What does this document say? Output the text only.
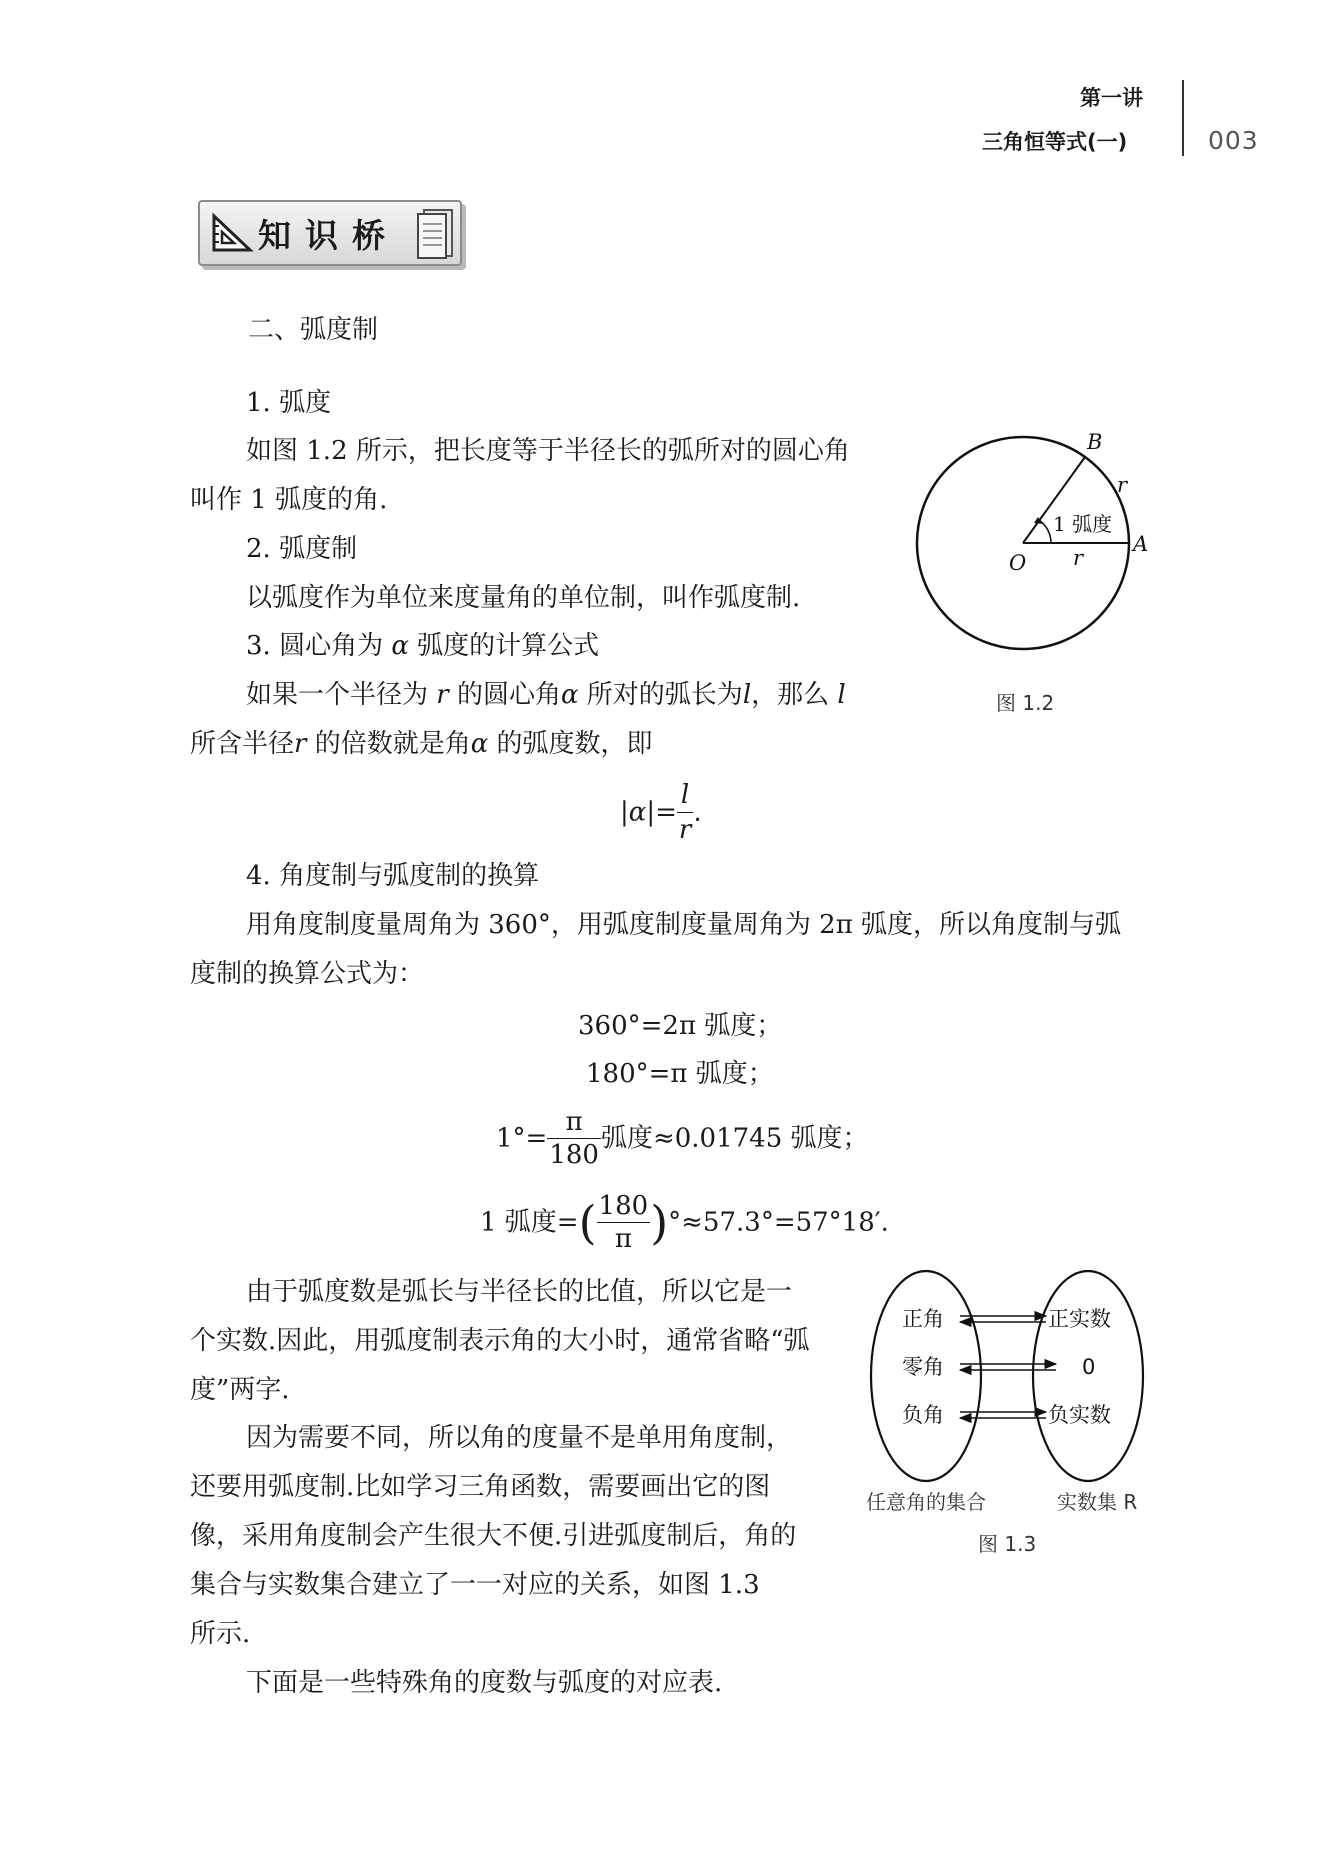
第一讲
三角恒等式(一)	003
知识桥
二、弧度制
1. 弧度
如图 1.2 所示，把长度等于半径长的弧所对的圆心角
叫作 1 弧度的角.
2. 弧度制
以弧度作为单位来度量角的单位制，叫作弧度制.
3. 圆心角为 α 弧度的计算公式
如果一个半径为 r 的圆心角α 所对的弧长为l，那么 l
所含半径r 的倍数就是角α 的弧度数，即
$|\alpha|= \frac{l}{r}$ .
4. 角度制与弧度制的换算
用角度制度量周角为 360°，用弧度制度量周角为 2π 弧度，所以角度制与弧
度制的换算公式为：
360°=2π 弧度；
180°=π 弧度；
$1^\circ= \frac{\pi}{180}$ 弧度≈0.01745 弧度；
1 弧度=( $\frac{180}{\pi} )^\circ\approx 57.3^\circ=57^\circ 18'$.
由于弧度数是弧长与半径长的比值，所以它是一
个实数.因此，用弧度制表示角的大小时，通常省略“弧
度”两字.
因为需要不同，所以角的度量不是单用角度制，
还要用弧度制.比如学习三角函数，需要画出它的图
像，采用角度制会产生很大不便.引进弧度制后，角的
集合与实数集合建立了一一对应的关系，如图 1.3
所示.
下面是一些特殊角的度数与弧度的对应表.
B
r
1 弧度
O r
A
图 1.2
正角
零角
负角
正实数
0
负实数
任意角的集合	实数集 R
图 1.3
